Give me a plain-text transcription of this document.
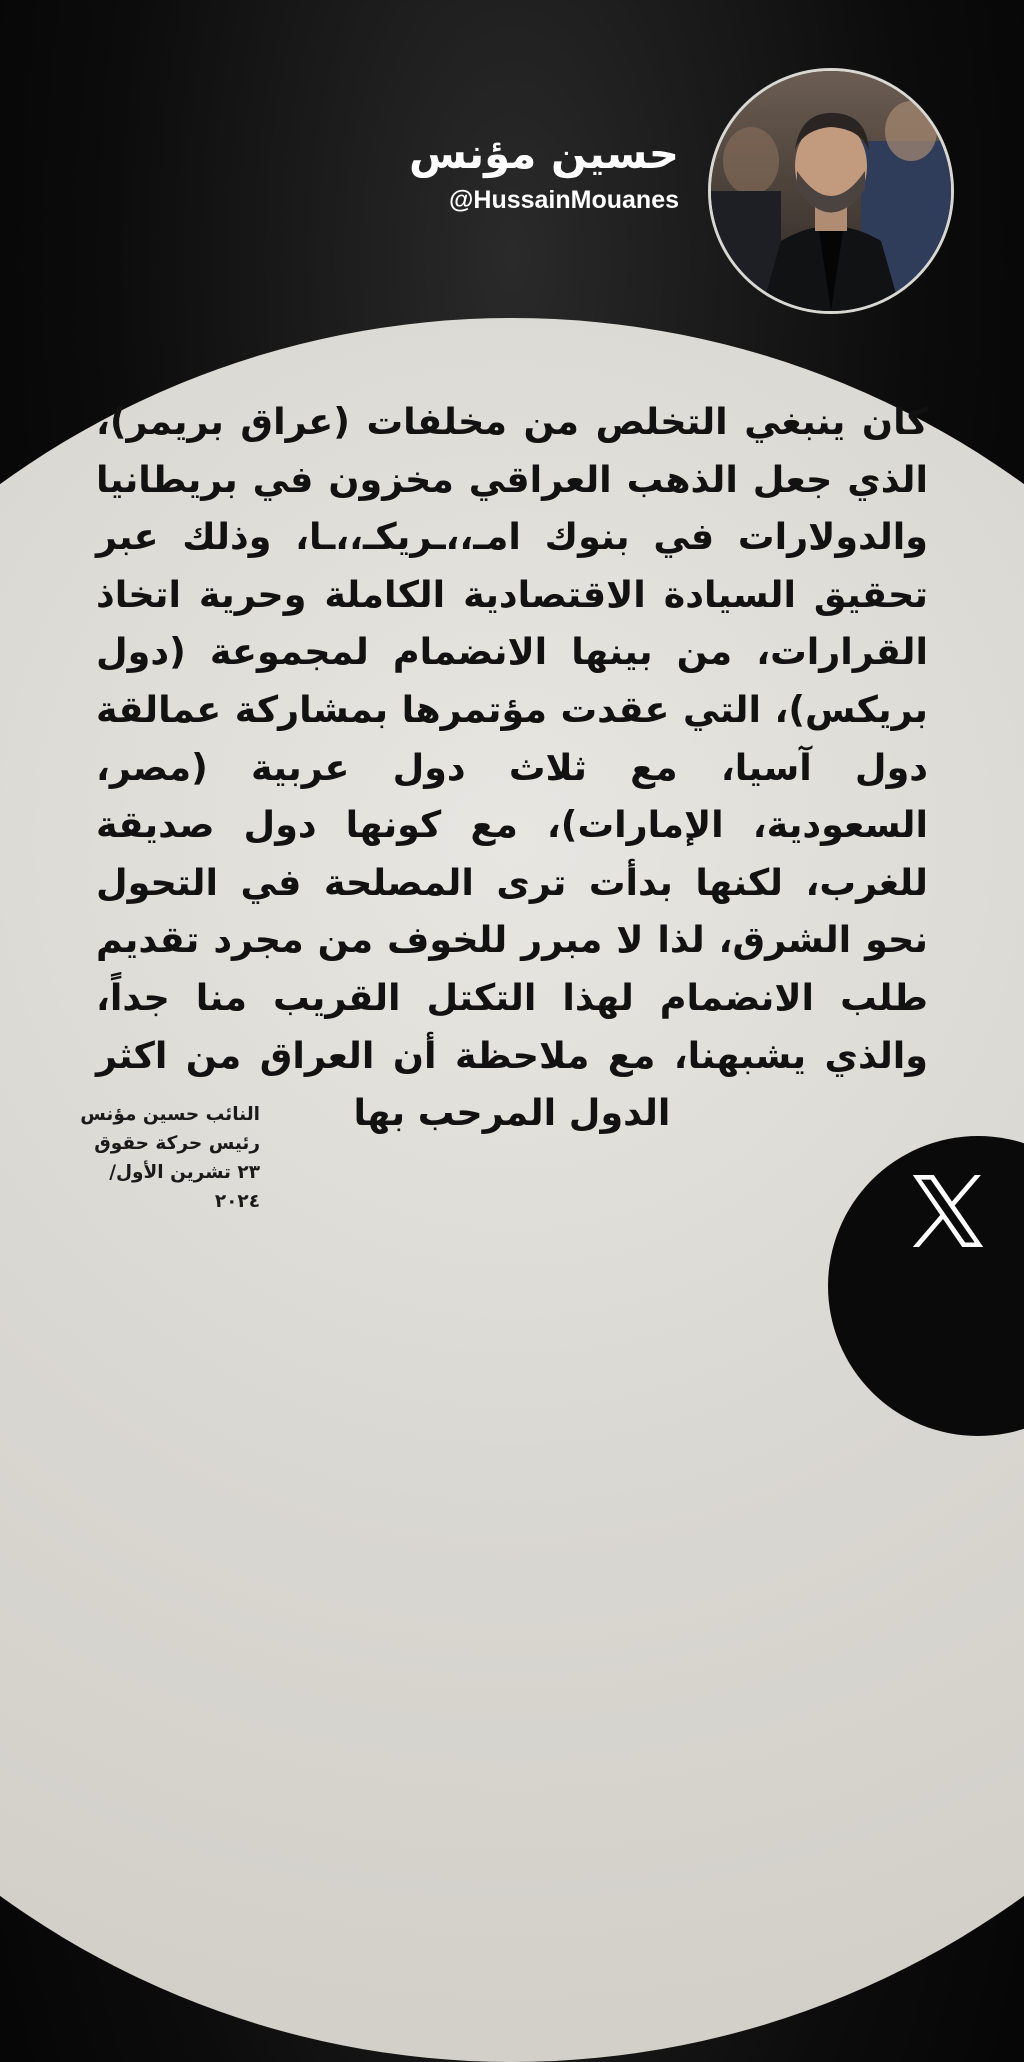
حسين مؤنس
@HussainMouanes
كان ينبغي التخلص من مخلفات (عراق بريمر)، الذي جعل الذهب العراقي مخزون في بريطانيا والدولارات في بنوك امـ،،ـريكـ،،ـا، وذلك عبر تحقيق السيادة الاقتصادية الكاملة وحرية اتخاذ القرارات، من بينها الانضمام لمجموعة (دول بريكس)، التي عقدت مؤتمرها بمشاركة عمالقة دول آسيا، مع ثلاث دول عربية (مصر، السعودية، الإمارات)، مع كونها دول صديقة للغرب، لكنها بدأت ترى المصلحة في التحول نحو الشرق، لذا لا مبرر للخوف من مجرد تقديم طلب الانضمام لهذا التكتل القريب منا جداً، والذي يشبهنا، مع ملاحظة أن العراق من اكثر الدول المرحب بها
النائب حسين مؤنس
رئيس حركة حقوق
٢٣ تشرين الأول/ ٢٠٢٤
